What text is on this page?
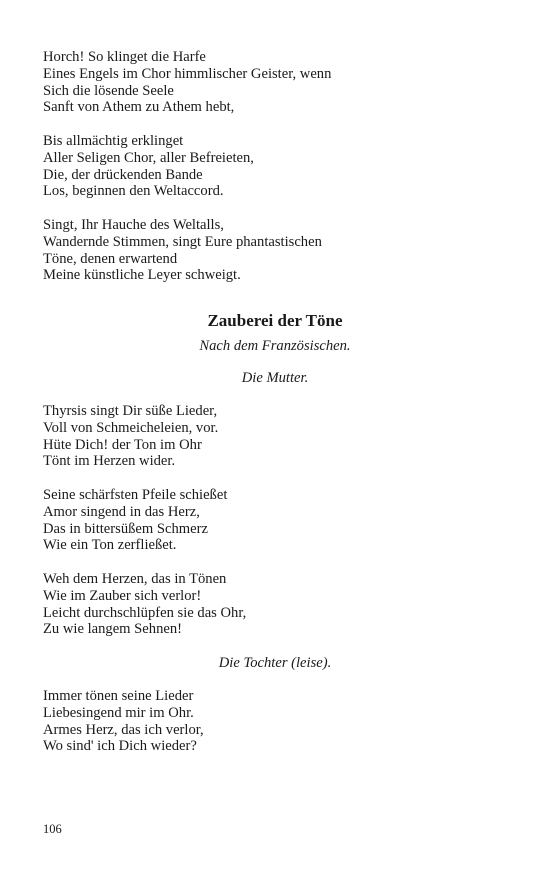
Horch! So klinget die Harfe
Eines Engels im Chor himmlischer Geister, wenn
Sich die lösende Seele
Sanft von Athem zu Athem hebt,
Bis allmächtig erklinget
Aller Seligen Chor, aller Befreieten,
Die, der drückenden Bande
Los, beginnen den Weltaccord.
Singt, Ihr Hauche des Weltalls,
Wandernde Stimmen, singt Eure phantastischen
Töne, denen erwartend
Meine künstliche Leyer schweigt.
Zauberei der Töne
Nach dem Französischen.
Die Mutter.
Thyrsis singt Dir süße Lieder,
Voll von Schmeicheleien, vor.
Hüte Dich! der Ton im Ohr
Tönt im Herzen wider.
Seine schärfsten Pfeile schießet
Amor singend in das Herz,
Das in bittersüßem Schmerz
Wie ein Ton zerfließet.
Weh dem Herzen, das in Tönen
Wie im Zauber sich verlor!
Leicht durchschlüpfen sie das Ohr,
Zu wie langem Sehnen!
Die Tochter (leise).
Immer tönen seine Lieder
Liebesingend mir im Ohr.
Armes Herz, das ich verlor,
Wo sind' ich Dich wieder?
106
